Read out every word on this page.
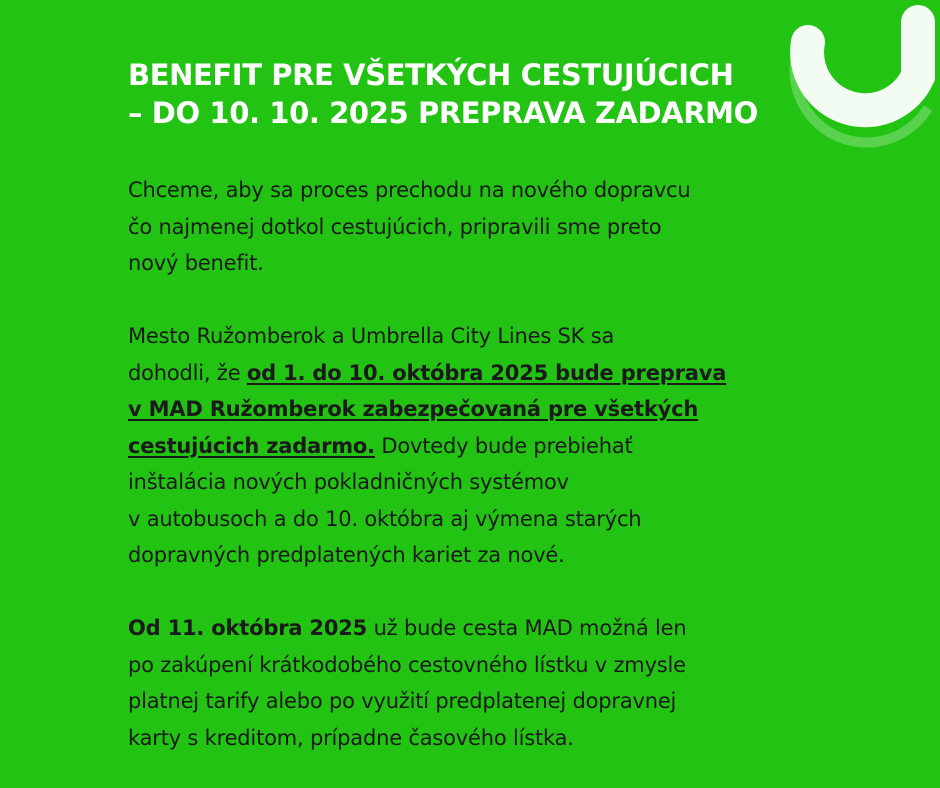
BENEFIT PRE VŠETKÝCH CESTUJÚCICH
– DO 10. 10. 2025 PREPRAVA ZADARMO

Chceme, aby sa proces prechodu na nového dopravcu
čo najmenej dotkol cestujúcich, pripravili sme preto
nový benefit.

Mesto Ružomberok a Umbrella City Lines SK sa
dohodli, že od 1. do 10. októbra 2025 bude preprava
v MAD Ružomberok zabezpečovaná pre všetkých
cestujúcich zadarmo. Dovtedy bude prebiehať
inštalácia nových pokladničných systémov
v autobusoch a do 10. októbra aj výmena starých
dopravných predplatených kariet za nové.

Od 11. októbra 2025 už bude cesta MAD možná len
po zakúpení krátkodobého cestovného lístku v zmysle
platnej tarify alebo po využití predplatenej dopravnej
karty s kreditom, prípadne časového lístka.
